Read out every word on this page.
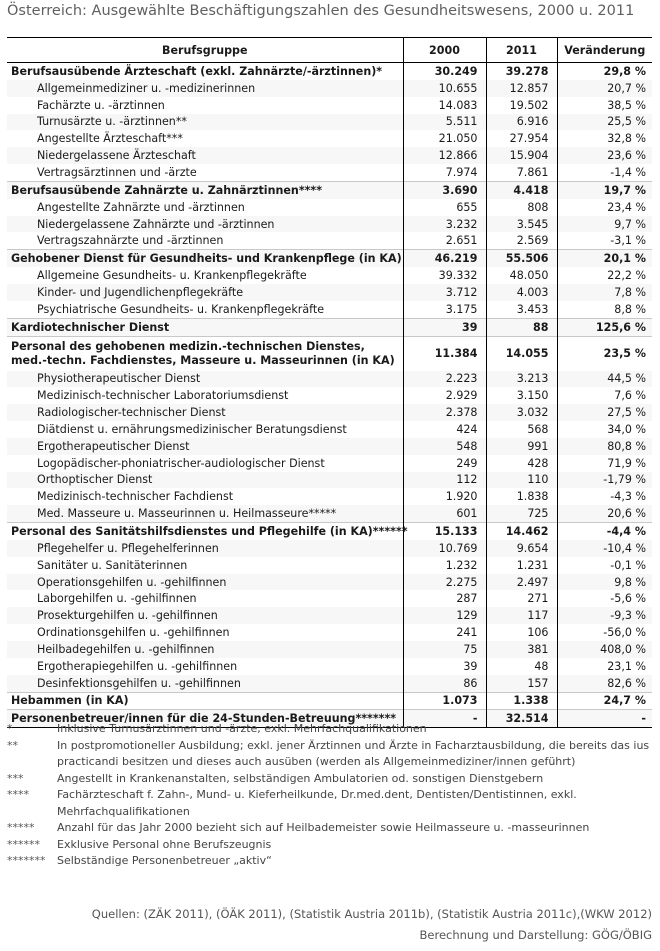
Österreich: Ausgewählte Beschäftigungszahlen des Gesundheitswesens, 2000 u. 2011
Berufsgruppe	2000	2011	Veränderung
Berufsausübende Ärzteschaft (exkl. Zahnärzte/-ärztinnen)*	30.249	39.278	29,8 %
Allgemeinmediziner u. -medizinerinnen	10.655	12.857	20,7 %
Fachärzte u. -ärztinnen	14.083	19.502	38,5 %
Turnusärzte u. -ärztinnen**	5.511	6.916	25,5 %
Angestellte Ärzteschaft***	21.050	27.954	32,8 %
Niedergelassene Ärzteschaft	12.866	15.904	23,6 %
Vertragsärztinnen und -ärzte	7.974	7.861	-1,4 %
Berufsausübende Zahnärzte u. Zahnärztinnen****	3.690	4.418	19,7 %
Angestellte Zahnärzte und -ärztinnen	655	808	23,4 %
Niedergelassene Zahnärzte und -ärztinnen	3.232	3.545	9,7 %
Vertragszahnärzte und -ärztinnen	2.651	2.569	-3,1 %
Gehobener Dienst für Gesundheits- und Krankenpflege (in KA)	46.219	55.506	20,1 %
Allgemeine Gesundheits- u. Krankenpflegekräfte	39.332	48.050	22,2 %
Kinder- und Jugendlichenpflegekräfte	3.712	4.003	7,8 %
Psychiatrische Gesundheits- u. Krankenpflegekräfte	3.175	3.453	8,8 %
Kardiotechnischer Dienst	39	88	125,6 %
Personal des gehobenen medizin.-technischen Dienstes, med.-techn. Fachdienstes, Masseure u. Masseurinnen (in KA)	11.384	14.055	23,5 %
Physiotherapeutischer Dienst	2.223	3.213	44,5 %
Medizinisch-technischer Laboratoriumsdienst	2.929	3.150	7,6 %
Radiologischer-technischer Dienst	2.378	3.032	27,5 %
Diätdienst u. ernährungsmedizinischer Beratungsdienst	424	568	34,0 %
Ergotherapeutischer Dienst	548	991	80,8 %
Logopädischer-phoniatrischer-audiologischer Dienst	249	428	71,9 %
Orthoptischer Dienst	112	110	-1,79 %
Medizinisch-technischer Fachdienst	1.920	1.838	-4,3 %
Med. Masseure u. Masseurinnen u. Heilmasseure*****	601	725	20,6 %
Personal des Sanitätshilfsdienstes und Pflegehilfe (in KA)******	15.133	14.462	-4,4 %
Pflegehelfer u. Pflegehelferinnen	10.769	9.654	-10,4 %
Sanitäter u. Sanitäterinnen	1.232	1.231	-0,1 %
Operationsgehilfen u. -gehilfinnen	2.275	2.497	9,8 %
Laborgehilfen u. -gehilfinnen	287	271	-5,6 %
Prosekturgehilfen u. -gehilfinnen	129	117	-9,3 %
Ordinationsgehilfen u. -gehilfinnen	241	106	-56,0 %
Heilbadegehilfen u. -gehilfinnen	75	381	408,0 %
Ergotherapiegehilfen u. -gehilfinnen	39	48	23,1 %
Desinfektionsgehilfen u. -gehilfinnen	86	157	82,6 %
Hebammen (in KA)	1.073	1.338	24,7 %
Personenbetreuer/innen für die 24-Stunden-Betreuung*******	-	32.514	-
*	Inklusive Turnusärztinnen und -ärzte, exkl. Mehrfachqualifikationen
**	In postpromotioneller Ausbildung; exkl. jener Ärztinnen und Ärzte in Facharztausbildung, die bereits das ius practicandi besitzen und dieses auch ausüben (werden als Allgemeinmediziner/innen geführt)
***	Angestellt in Krankenanstalten, selbständigen Ambulatorien od. sonstigen Dienstgebern
****	Fachärzteschaft f. Zahn-, Mund- u. Kieferheilkunde, Dr.med.dent, Dentisten/Dentistinnen, exkl. Mehrfachqualifikationen
*****	Anzahl für das Jahr 2000 bezieht sich auf Heilbademeister sowie Heilmasseure u. -masseurinnen
******	Exklusive Personal ohne Berufszeugnis
*******	Selbständige Personenbetreuer „aktiv“
Quellen: (ZÄK 2011), (ÖÄK 2011), (Statistik Austria 2011b), (Statistik Austria 2011c),(WKW 2012)
Berechnung und Darstellung: GÖG/ÖBIG
